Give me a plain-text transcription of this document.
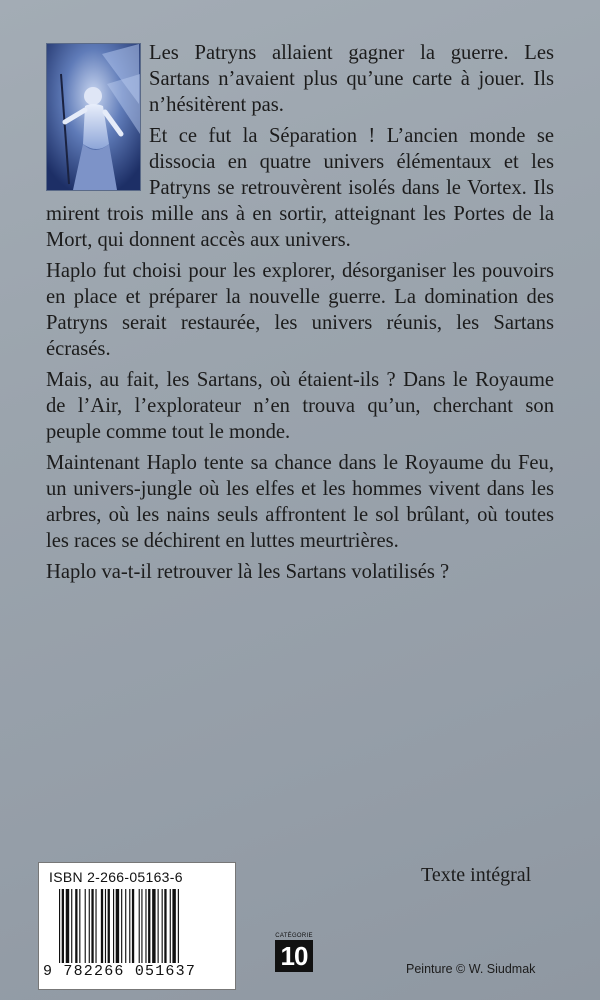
Les Patryns allaient gagner la guerre. Les Sartans n’avaient plus qu’une carte à jouer. Ils n’hésitèrent pas.

Et ce fut la Séparation ! L’ancien monde se dissocia en quatre univers élémentaux et les Patryns se retrouvèrent isolés dans le Vortex. Ils mirent trois mille ans à en sortir, atteignant les Portes de la Mort, qui donnent accès aux univers.

Haplo fut choisi pour les explorer, désorganiser les pouvoirs en place et préparer la nouvelle guerre. La domination des Patryns serait restaurée, les univers réunis, les Sartans écrasés.

Mais, au fait, les Sartans, où étaient-ils ? Dans le Royaume de l’Air, l’explorateur n’en trouva qu’un, cherchant son peuple comme tout le monde.

Maintenant Haplo tente sa chance dans le Royaume du Feu, un univers-jungle où les elfes et les hommes vivent dans les arbres, où les nains seuls affrontent le sol brûlant, où toutes les races se déchirent en luttes meurtrières.

Haplo va-t-il retrouver là les Sartans volatilisés ?

Texte intégral
ISBN 2-266-05163-6
9 782266 051637
CATÉGORIE
10	Peinture © W. Siudmak
